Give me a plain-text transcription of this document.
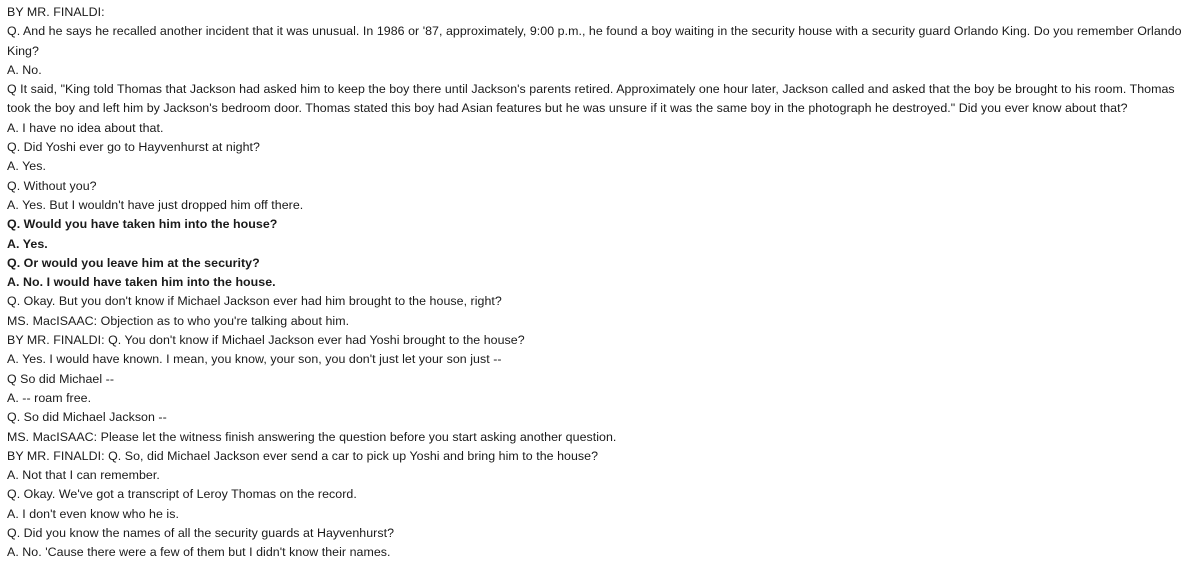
BY MR. FINALDI:

Q. And he says he recalled another incident that it was unusual. In 1986 or '87, approximately, 9:00 p.m., he found a boy waiting in the security house with a security guard Orlando King. Do you remember Orlando King?

A. No.

Q It said, "King told Thomas that Jackson had asked him to keep the boy there until Jackson's parents retired. Approximately one hour later, Jackson called and asked that the boy be brought to his room. Thomas took the boy and left him by Jackson's bedroom door. Thomas stated this boy had Asian features but he was unsure if it was the same boy in the photograph he destroyed." Did you ever know about that?

A. I have no idea about that.

Q. Did Yoshi ever go to Hayvenhurst at night?

A. Yes.

Q. Without you?

A. Yes. But I wouldn't have just dropped him off there.

Q. Would you have taken him into the house?

A. Yes.

Q. Or would you leave him at the security?

A. No. I would have taken him into the house.

Q. Okay. But you don't know if Michael Jackson ever had him brought to the house, right?

MS. MacISAAC: Objection as to who you're talking about him.

BY MR. FINALDI: Q. You don't know if Michael Jackson ever had Yoshi brought to the house?

A. Yes. I would have known. I mean, you know, your son, you don't just let your son just --

Q So did Michael --

A. -- roam free.

Q. So did Michael Jackson --

MS. MacISAAC: Please let the witness finish answering the question before you start asking another question.

BY MR. FINALDI: Q. So, did Michael Jackson ever send a car to pick up Yoshi and bring him to the house?

A. Not that I can remember.

Q. Okay. We've got a transcript of Leroy Thomas on the record.

A. I don't even know who he is.

Q. Did you know the names of all the security guards at Hayvenhurst?

A. No. 'Cause there were a few of them but I didn't know their names.
